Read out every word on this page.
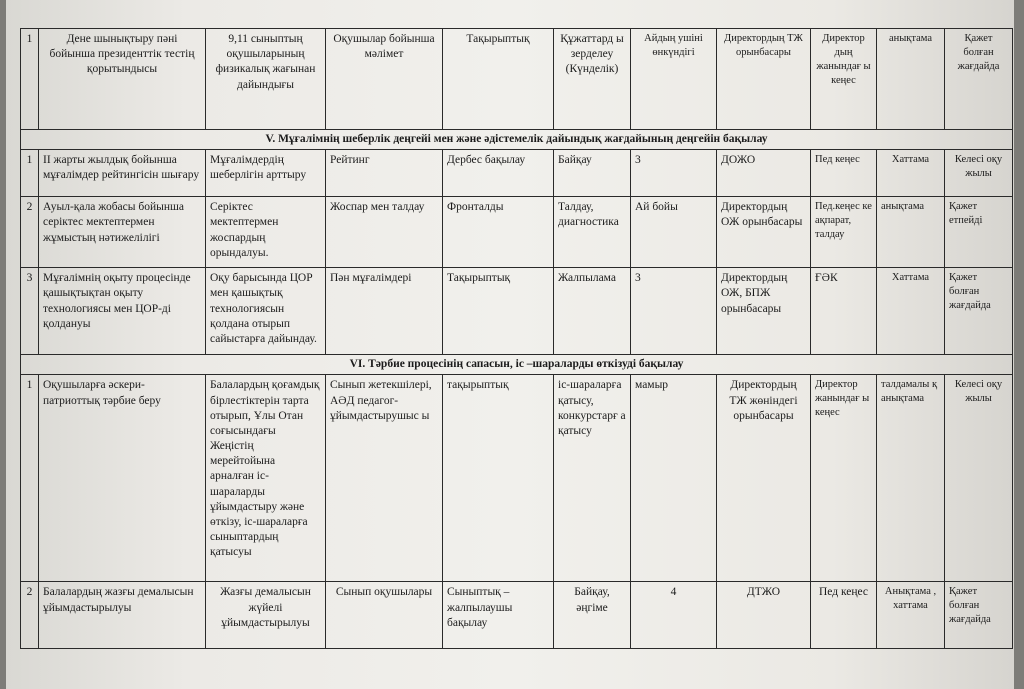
1	Дене шынықтыру пәні бойынша президенттік тестің қорытындысы	9,11 сыныптың оқушыларының физикалық жағынан дайындығы	Оқушылар бойынша мәлімет	Тақырыптық	Құжаттард ы зерделеу (Күнделік)	Айдың ушіні өнкүндігі	Директордың ТЖ орынбасары	Директор дың жанындағ ы кеңес	анықтама	Қажет болған жағдайда
V. Мұғалімнің шеберлік деңгейі мен және әдістемелік дайындық жағдайының деңгейін бақылау										
1	ІІ жарты жылдық бойынша мұғалімдер рейтингісін шығару	Мұғалімдердің шеберлігін арттыру	Рейтинг	Дербес бақылау	Байқау	3	ДОЖО	Пед кеңес	Хаттама	Келесі оқу жылы
2	Ауыл-қала жобасы бойынша серіктес мектептермен жұмыстың нәтижелілігі	Серіктес мектептермен жоспардың орындалуы.	Жоспар мен талдау	Фронталды	Талдау, диагностика	Ай бойы	Директордың ОЖ орынбасары	Пед.кеңес ке ақпарат, талдау	анықтама	Қажет етпейді
3	Мұғалімнің оқыту процесінде қашықтықтан оқыту технологиясы мен ЦОР-ді қолдануы	Оқу барысында ЦОР мен қашықтық технологиясын қолдана отырып сайыстарға дайындау.	Пән мұғалімдері	Тақырыптық	Жалпылама	3	Директордың ОЖ, БПЖ орынбасары	ҒӘК	Хаттама	Қажет болған жағдайда
VI. Тәрбие процесінің сапасын, іс –шараларды өткізуді бақылау										
1	Оқушыларға әскери-патриоттық тәрбие беру	Балалардың қоғамдық бірлестіктерін тарта отырып, Ұлы Отан соғысындағы Жеңістің мерейтойына арналған іс-шараларды ұйымдастыру және өткізу, іс-шараларға сыныптардың қатысуы	Сынып жетекшілері, АӘД педагог-ұйымдастырушыс ы	тақырыптық	іс-шараларға қатысу, конкурстарғ а қатысу	мамыр	Директордың ТЖ жөніндегі орынбасары	Директор жанындағ ы кеңес	талдамалы қ анықтама	Келесі оқу жылы
2	Балалардың жазғы демалысын ұйымдастырылуы	Жазғы демалысын жүйелі ұйымдастырылуы	Сынып оқушылары	Сыныптық – жалпылаушы бақылау	Байқау, әңгіме	4	ДТЖО	Пед кеңес	Анықтама , хаттама	Қажет болған жағдайда
